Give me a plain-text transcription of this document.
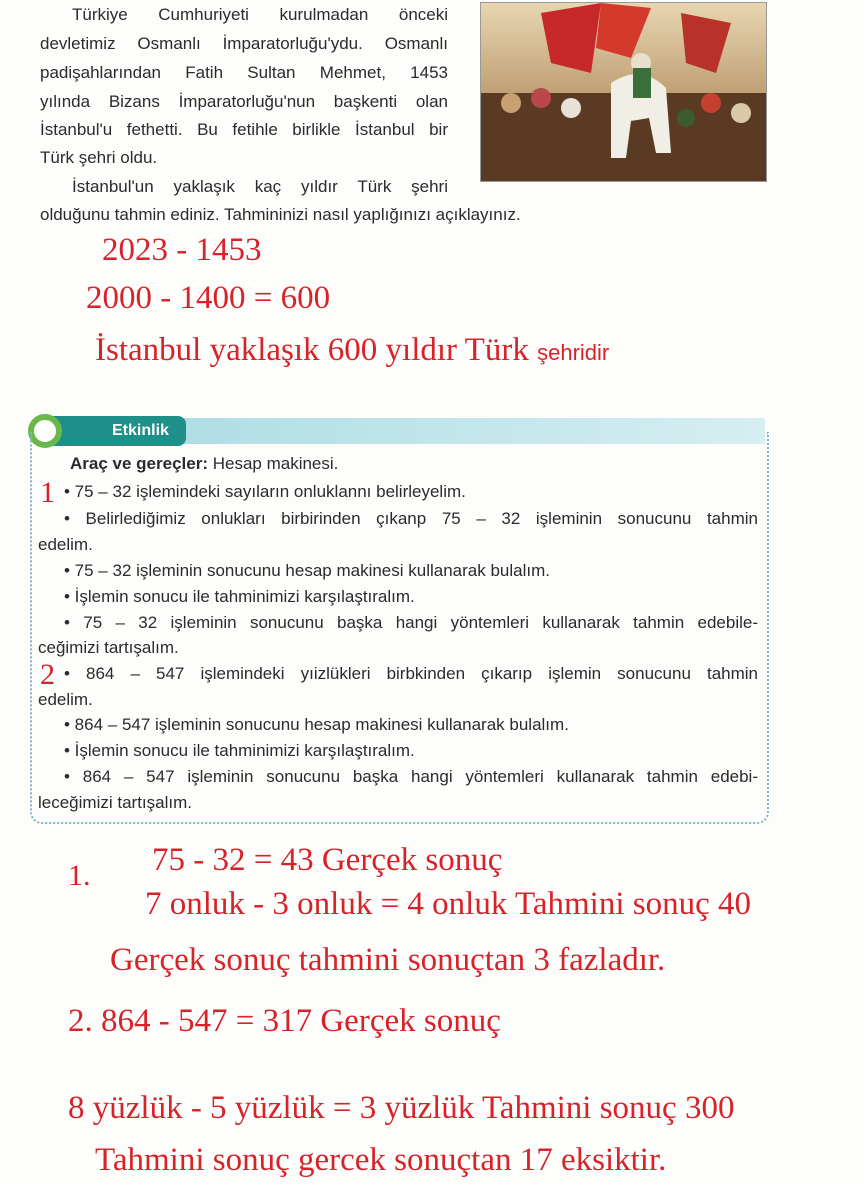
Türkiye Cumhuriyeti kurulmadan önceki
devletimiz Osmanlı İmparatorluğu'ydu. Osmanlı
padişahlarından Fatih Sultan Mehmet, 1453
yılında Bizans İmparatorluğu'nun başkenti olan
İstanbul'u fethetti. Bu fetihle birlikle İstanbul bir
Türk şehri oldu.
İstanbul'un yaklaşık kaç yıldır Türk şehri
olduğunu tahmin ediniz. Tahmininizi nasıl yaplığınızı açıklayınız.
2023 - 1453
2000 - 1400 = 600
İstanbul yaklaşık 600 yıldır Türk şehridir
Etkinlik
Araç ve gereçler: Hesap makinesi.
1 • 75 – 32 işlemindeki sayıların onluklannı belirleyelim.
• Belirlediğimiz onlukları birbirinden çıkanp 75 – 32 işleminin sonucunu tahmin
edelim.
• 75 – 32 işleminin sonucunu hesap makinesi kullanarak bulalım.
• İşlemin sonucu ile tahminimizi karşılaştıralım.
• 75 – 32 işleminin sonucunu başka hangi yöntemleri kullanarak tahmin edebile-
ceğimizi tartışalım.
2 • 864 – 547 işlemindeki yıizlükleri birbkinden çıkarıp işlemin sonucunu tahmin
edelim.
• 864 – 547 işleminin sonucunu hesap makinesi kullanarak bulalım.
• İşlemin sonucu ile tahminimizi karşılaştıralım.
• 864 – 547 işleminin sonucunu başka hangi yöntemleri kullanarak tahmin edebi-
leceğimizi tartışalım.
1. 75 - 32 = 43 Gerçek sonuç
7 onluk - 3 onluk = 4 onluk Tahmini sonuç 40
Gerçek sonuç tahmini sonuçtan 3 fazladır.
2. 864 - 547 = 317 Gerçek sonuç
8 yüzlük - 5 yüzlük = 3 yüzlük Tahmini sonuç 300
Tahmini sonuç gercek sonuçtan 17 eksiktir.
